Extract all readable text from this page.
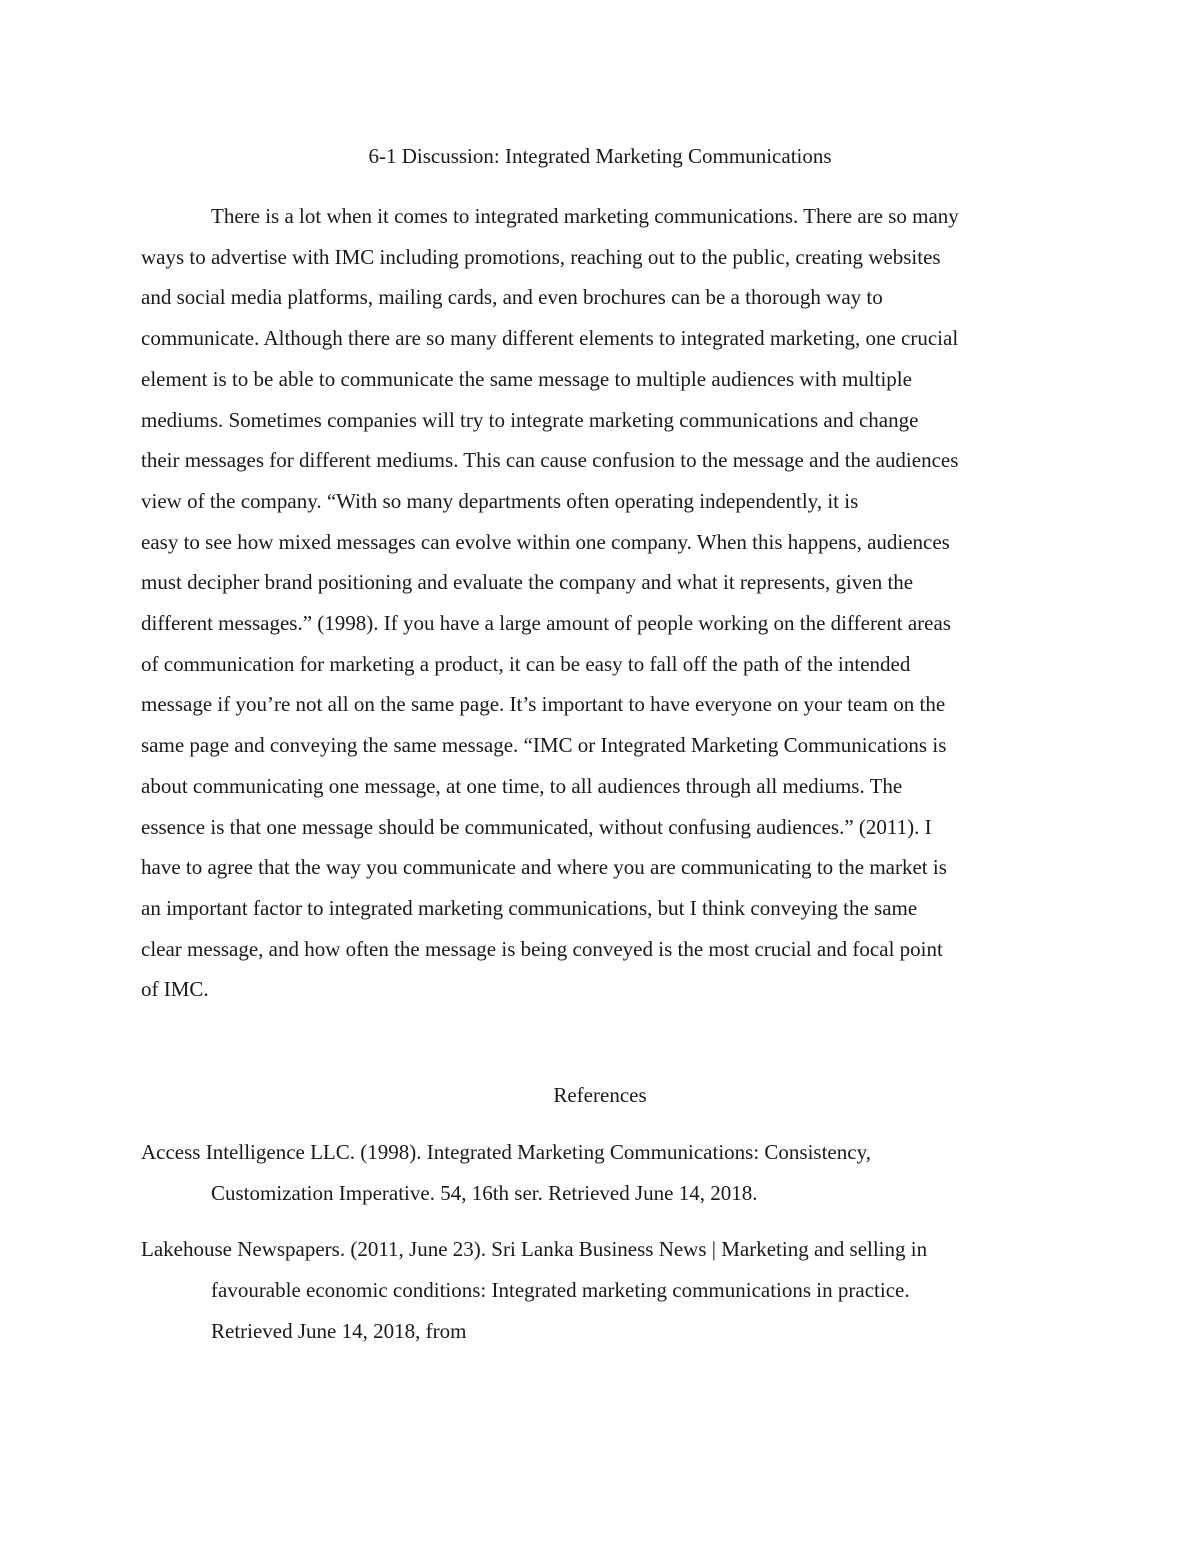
6-1 Discussion: Integrated Marketing Communications
There is a lot when it comes to integrated marketing communications. There are so many
ways to advertise with IMC including promotions, reaching out to the public, creating websites
and social media platforms, mailing cards, and even brochures can be a thorough way to
communicate. Although there are so many different elements to integrated marketing, one crucial
element is to be able to communicate the same message to multiple audiences with multiple
mediums. Sometimes companies will try to integrate marketing communications and change
their messages for different mediums. This can cause confusion to the message and the audiences
view of the company. “With so many departments often operating independently, it is
easy to see how mixed messages can evolve within one company. When this happens, audiences
must decipher brand positioning and evaluate the company and what it represents, given the
different messages.” (1998). If you have a large amount of people working on the different areas
of communication for marketing a product, it can be easy to fall off the path of the intended
message if you’re not all on the same page. It’s important to have everyone on your team on the
same page and conveying the same message. “IMC or Integrated Marketing Communications is
about communicating one message, at one time, to all audiences through all mediums. The
essence is that one message should be communicated, without confusing audiences.” (2011). I
have to agree that the way you communicate and where you are communicating to the market is
an important factor to integrated marketing communications, but I think conveying the same
clear message, and how often the message is being conveyed is the most crucial and focal point
of IMC.
References
Access Intelligence LLC. (1998). Integrated Marketing Communications: Consistency,
Customization Imperative. 54, 16th ser. Retrieved June 14, 2018.
Lakehouse Newspapers. (2011, June 23). Sri Lanka Business News | Marketing and selling in
favourable economic conditions: Integrated marketing communications in practice.
Retrieved June 14, 2018, from
